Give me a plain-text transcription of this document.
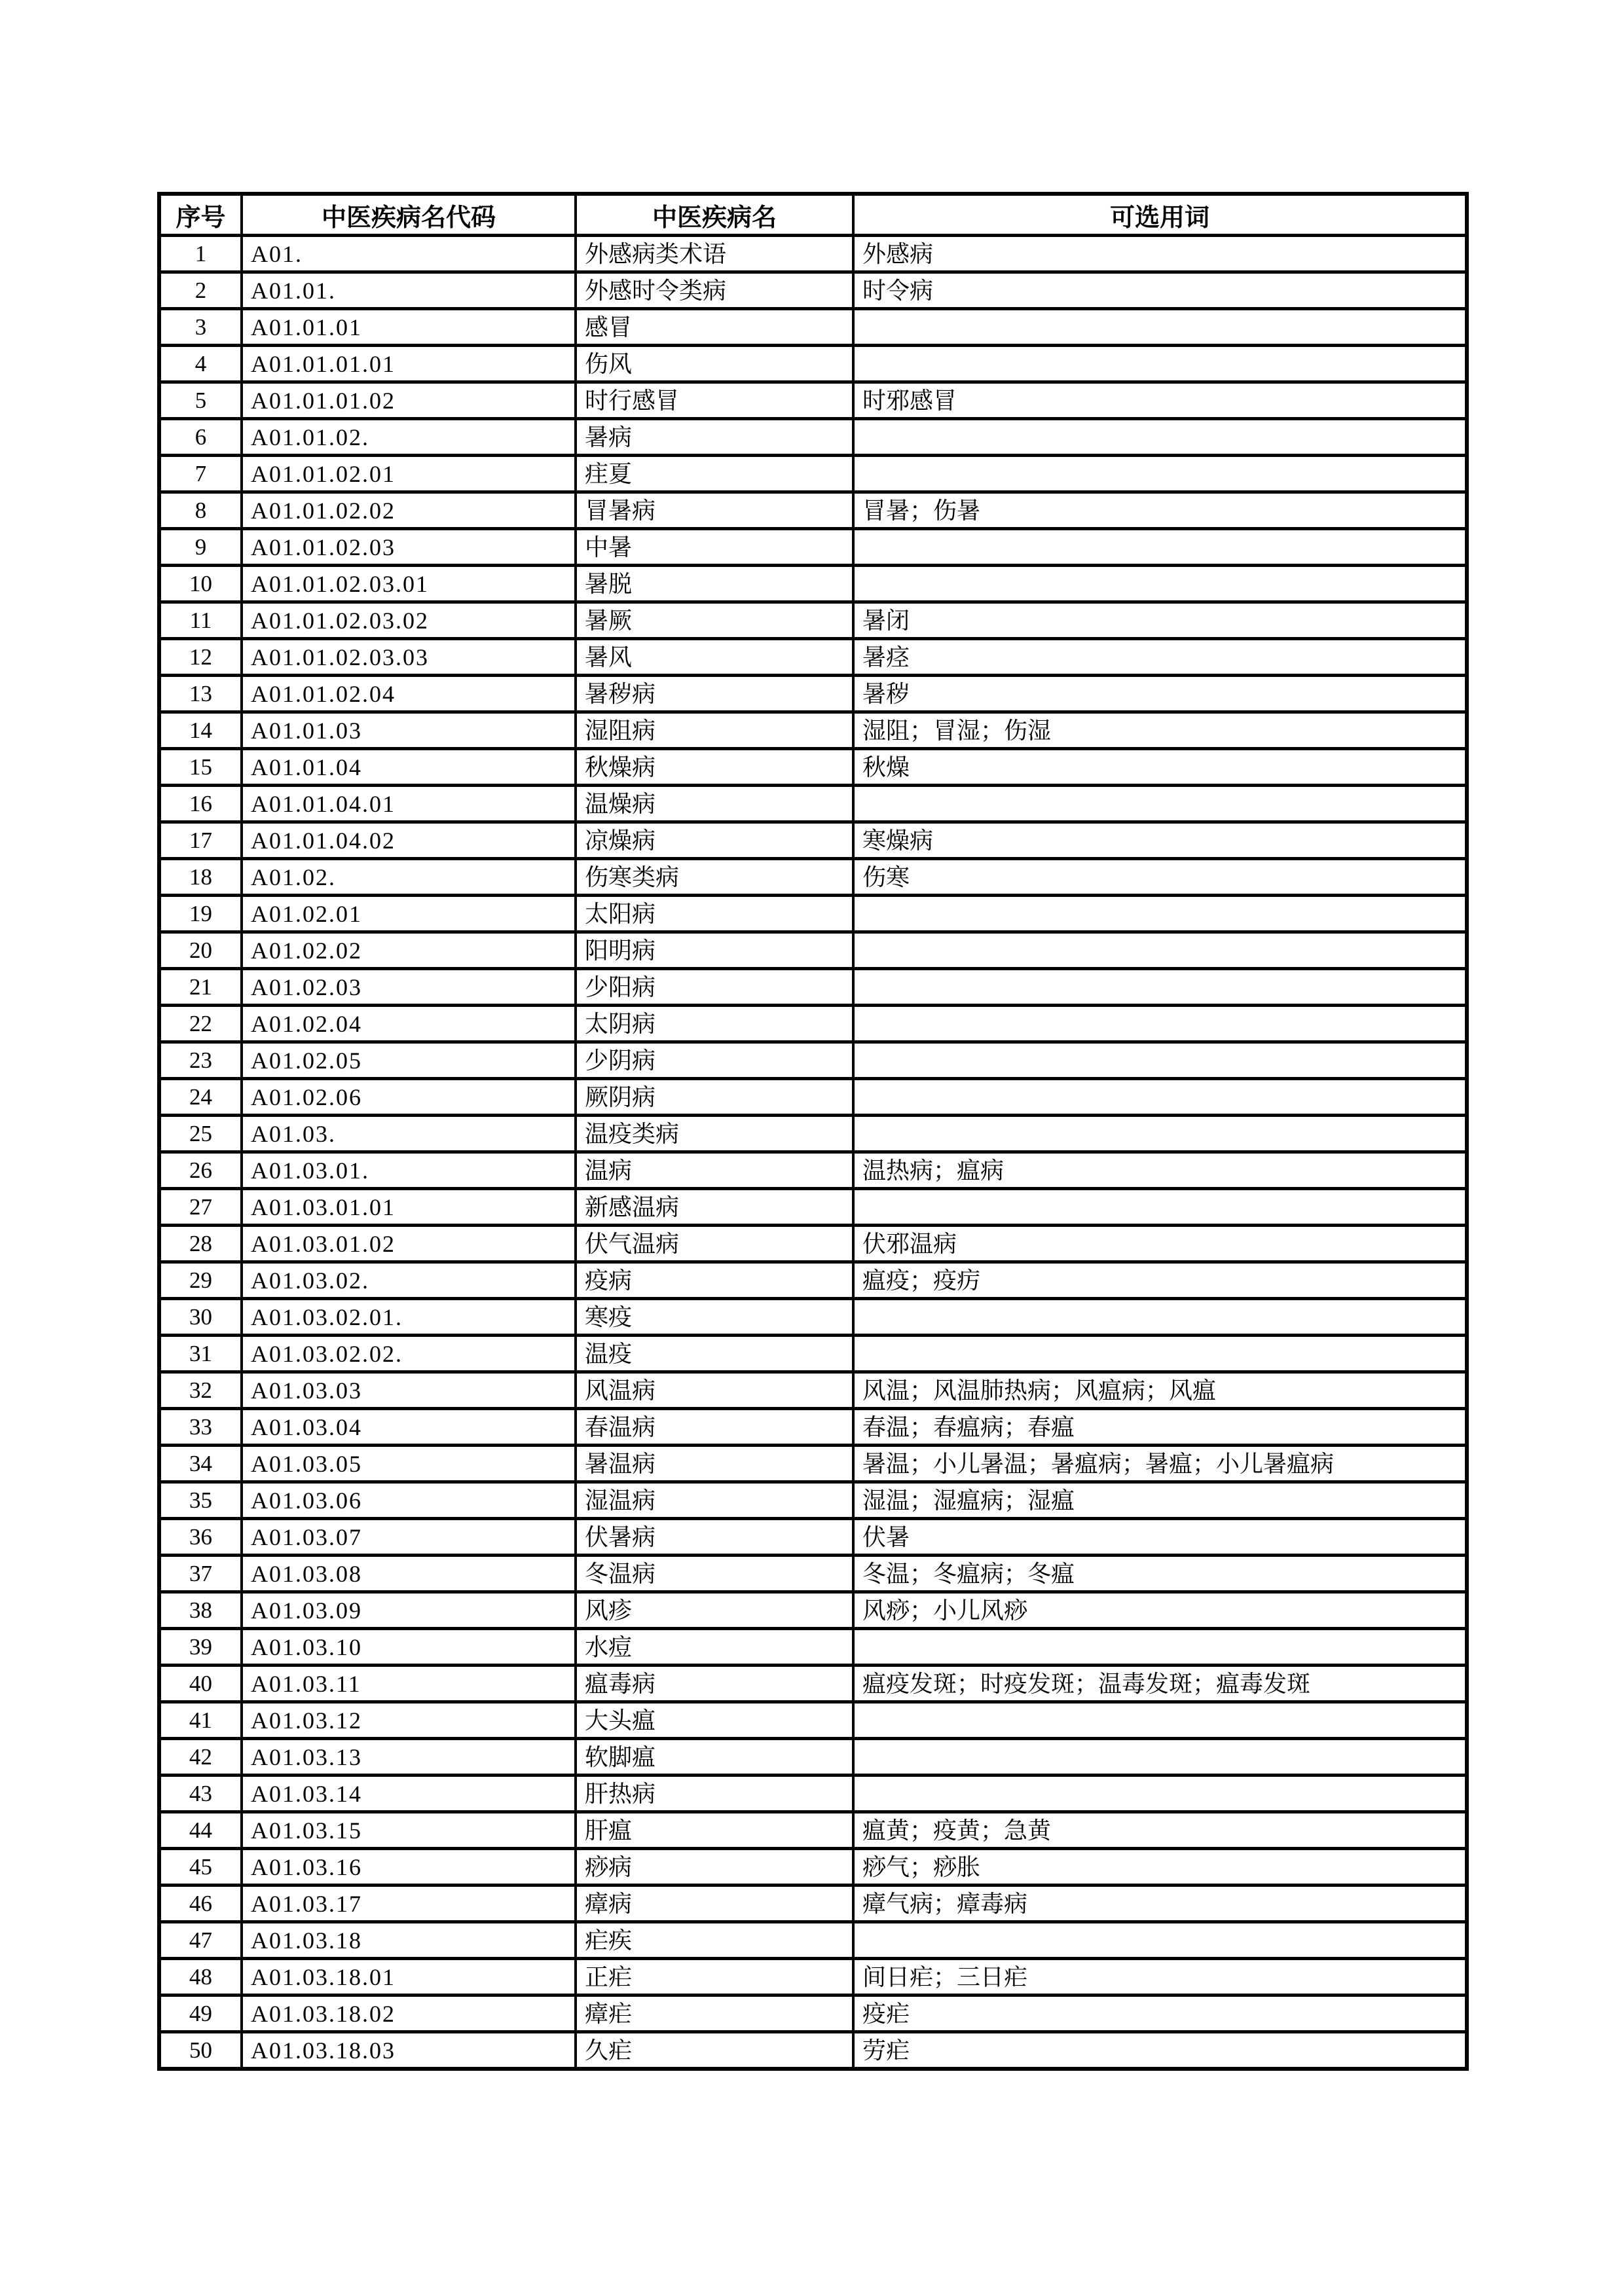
序号	中医疾病名代码	中医疾病名	可选用词
1	A01.	外感病类术语	外感病
2	A01.01.	外感时令类病	时令病
3	A01.01.01	感冒	
4	A01.01.01.01	伤风	
5	A01.01.01.02	时行感冒	时邪感冒
6	A01.01.02.	暑病	
7	A01.01.02.01	疰夏	
8	A01.01.02.02	冒暑病	冒暑；伤暑
9	A01.01.02.03	中暑	
10	A01.01.02.03.01	暑脱	
11	A01.01.02.03.02	暑厥	暑闭
12	A01.01.02.03.03	暑风	暑痉
13	A01.01.02.04	暑秽病	暑秽
14	A01.01.03	湿阻病	湿阻；冒湿；伤湿
15	A01.01.04	秋燥病	秋燥
16	A01.01.04.01	温燥病	
17	A01.01.04.02	凉燥病	寒燥病
18	A01.02.	伤寒类病	伤寒
19	A01.02.01	太阳病	
20	A01.02.02	阳明病	
21	A01.02.03	少阳病	
22	A01.02.04	太阴病	
23	A01.02.05	少阴病	
24	A01.02.06	厥阴病	
25	A01.03.	温疫类病	
26	A01.03.01.	温病	温热病；瘟病
27	A01.03.01.01	新感温病	
28	A01.03.01.02	伏气温病	伏邪温病
29	A01.03.02.	疫病	瘟疫；疫疠
30	A01.03.02.01.	寒疫	
31	A01.03.02.02.	温疫	
32	A01.03.03	风温病	风温；风温肺热病；风瘟病；风瘟
33	A01.03.04	春温病	春温；春瘟病；春瘟
34	A01.03.05	暑温病	暑温；小儿暑温；暑瘟病；暑瘟；小儿暑瘟病
35	A01.03.06	湿温病	湿温；湿瘟病；湿瘟
36	A01.03.07	伏暑病	伏暑
37	A01.03.08	冬温病	冬温；冬瘟病；冬瘟
38	A01.03.09	风疹	风痧；小儿风痧
39	A01.03.10	水痘	
40	A01.03.11	瘟毒病	瘟疫发斑；时疫发斑；温毒发斑；瘟毒发斑
41	A01.03.12	大头瘟	
42	A01.03.13	软脚瘟	
43	A01.03.14	肝热病	
44	A01.03.15	肝瘟	瘟黄；疫黄；急黄
45	A01.03.16	痧病	痧气；痧胀
46	A01.03.17	瘴病	瘴气病；瘴毒病
47	A01.03.18	疟疾	
48	A01.03.18.01	正疟	间日疟；三日疟
49	A01.03.18.02	瘴疟	疫疟
50	A01.03.18.03	久疟	劳疟
